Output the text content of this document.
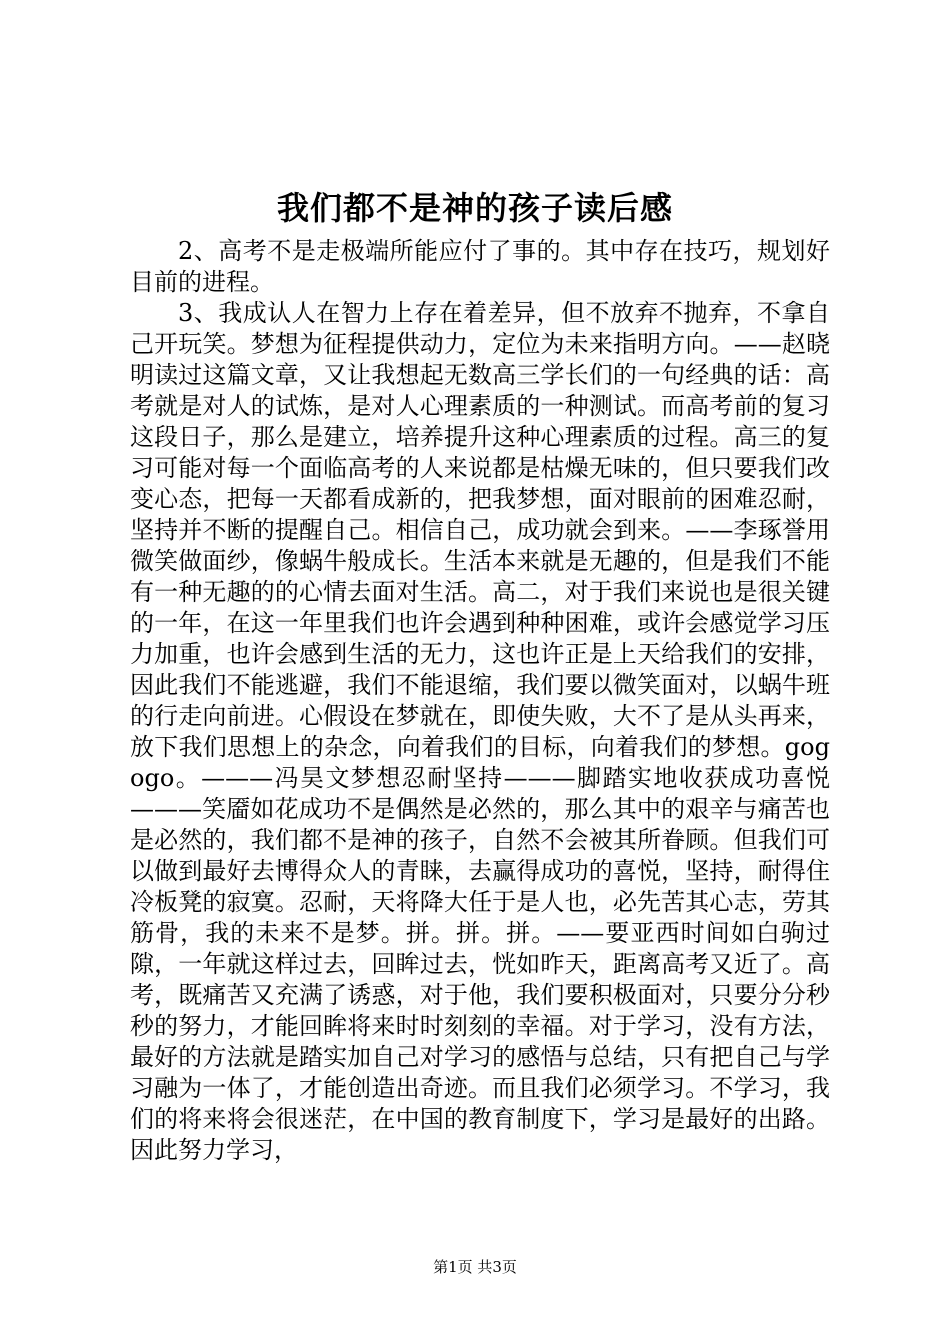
我们都不是神的孩子读后感

2、高考不是走极端所能应付了事的。其中存在技巧，规划好目前的进程。

3、我成认人在智力上存在着差异，但不放弃不抛弃，不拿自己开玩笑。梦想为征程提供动力，定位为未来指明方向。——赵晓明读过这篇文章，又让我想起无数高三学长们的一句经典的话：高考就是对人的试炼，是对人心理素质的一种测试。而高考前的复习这段日子，那么是建立，培养提升这种心理素质的过程。高三的复习可能对每一个面临高考的人来说都是枯燥无味的，但只要我们改变心态，把每一天都看成新的，把我梦想，面对眼前的困难忍耐，坚持并不断的提醒自己。相信自己，成功就会到来。——李琢誉用微笑做面纱，像蜗牛般成长。生活本来就是无趣的，但是我们不能有一种无趣的的心情去面对生活。高二，对于我们来说也是很关键的一年，在这一年里我们也许会遇到种种困难，或许会感觉学习压力加重，也许会感到生活的无力，这也许正是上天给我们的安排，因此我们不能逃避，我们不能退缩，我们要以微笑面对，以蜗牛班的行走向前进。心假设在梦就在，即使失败，大不了是从头再来，放下我们思想上的杂念，向着我们的目标，向着我们的梦想。gogogo。———冯昊文梦想忍耐坚持———脚踏实地收获成功喜悦———笑靥如花成功不是偶然是必然的，那么其中的艰辛与痛苦也是必然的，我们都不是神的孩子，自然不会被其所眷顾。但我们可以做到最好去博得众人的青睐，去赢得成功的喜悦，坚持，耐得住冷板凳的寂寞。忍耐，天将降大任于是人也，必先苦其心志，劳其筋骨，我的未来不是梦。拼。拼。拼。——要亚西时间如白驹过隙，一年就这样过去，回眸过去，恍如昨天，距离高考又近了。高考，既痛苦又充满了诱惑，对于他，我们要积极面对，只要分分秒秒的努力，才能回眸将来时时刻刻的幸福。对于学习，没有方法，最好的方法就是踏实加自己对学习的感悟与总结，只有把自己与学习融为一体了，才能创造出奇迹。而且我们必须学习。不学习，我们的将来将会很迷茫，在中国的教育制度下，学习是最好的出路。因此努力学习，

第1页 共3页
